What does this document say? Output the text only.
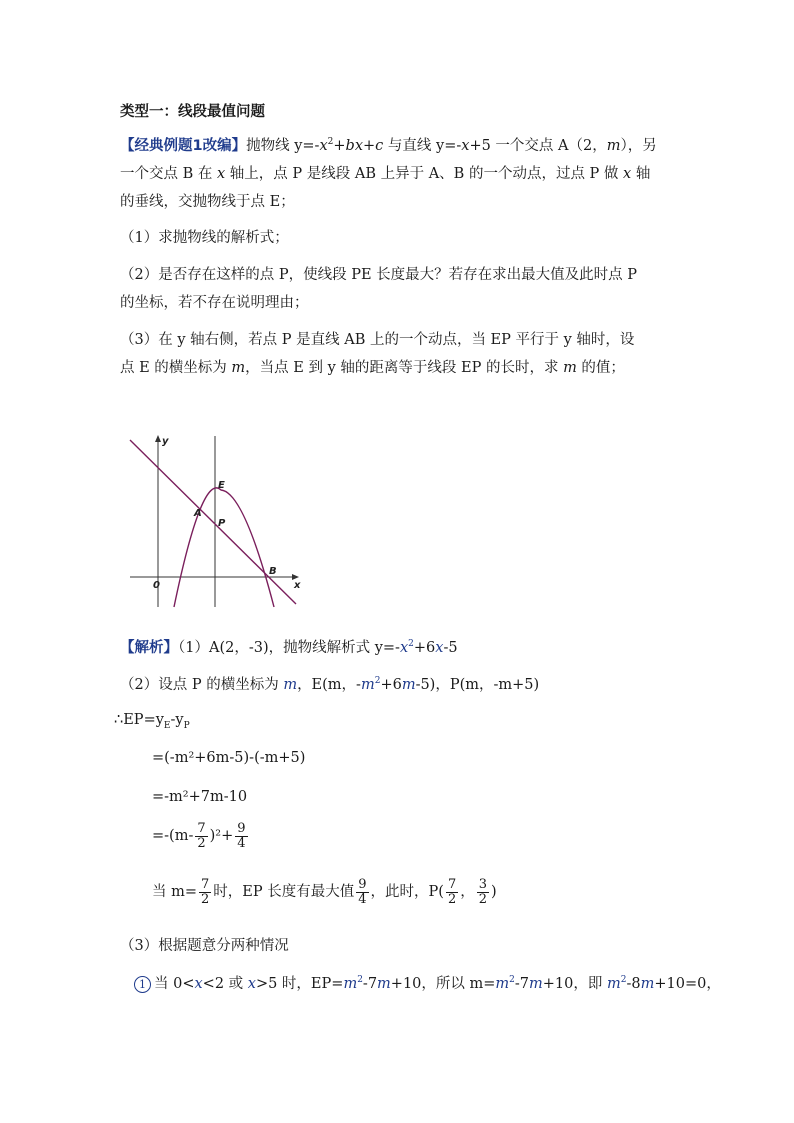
类型一：线段最值问题
【经典例题1改编】抛物线 $y=-x^2+bx+c$ 与直线 y=-x+5 一个交点 A（2，m），另
一个交点 B 在 x 轴上，点 P 是线段 AB 上异于 A、B 的一个动点，过点 P 做 x 轴
的垂线，交抛物线于点 E；
（1）求抛物线的解析式；
（2）是否存在这样的点 P，使线段 PE 长度最大？若存在求出最大值及此时点 P
的坐标，若不存在说明理由；
（3）在 y 轴右侧，若点 P 是直线 AB 上的一个动点，当 EP 平行于 y 轴时，设
点 E 的横坐标为 m，当点 E 到 y 轴的距离等于线段 EP 的长时，求 m 的值；
y
x
0
E
A
P
B
【解析】（1）A(2，-3)，抛物线解析式 $y=-x^2+6x-5$
（2）设点 P 的横坐标为 m，E(m，$-m^2+6m-5$)，P(m，-m+5)
$\therefore EP=y_E-y_P$
=(-m²+6m-5)-(-m+5)
=-m²+7m-10
$=-(m- \frac{7}{2} )^2+ \frac{9}{4}$
当 $m= \frac{7}{2}$ 时，EP 长度有最大值 $\frac{9}{4}$ ，此时，$P( \frac{7}{2}$ ， $\frac{3}{2}$ )
（3）根据题意分两种情况
1 当 0<x<2 或 x>5 时，$EP=m^2-7m+10$，所以 $m=m^2-7m+10$，即 $m^2-8m+10=0$，
